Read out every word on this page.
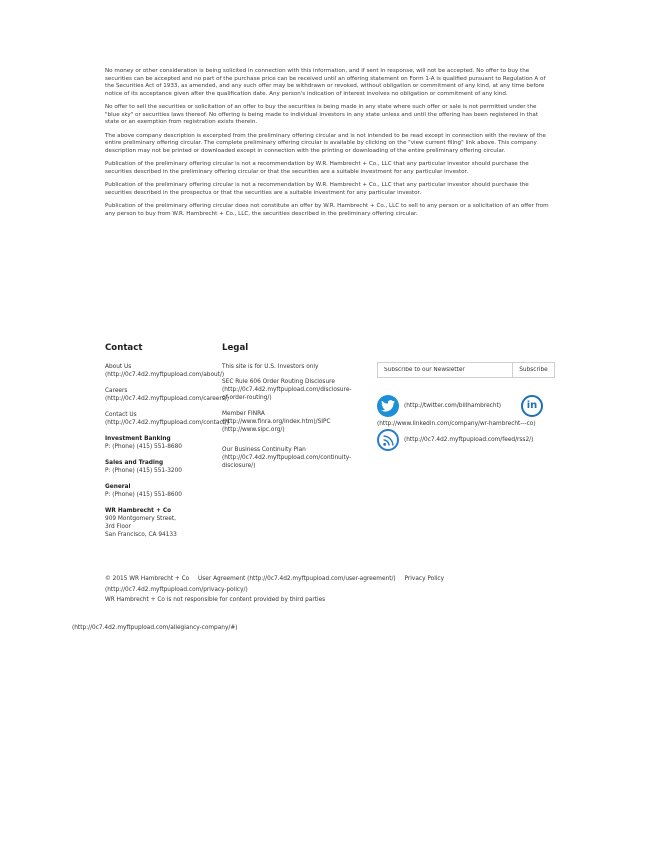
No money or other consideration is being solicited in connection with this information, and if sent in response, will not be accepted. No offer to buy the securities can be accepted and no part of the purchase price can be received until an offering statement on Form 1-A is qualified pursuant to Regulation A of the Securities Act of 1933, as amended, and any such offer may be withdrawn or revoked, without obligation or commitment of any kind, at any time before notice of its acceptance given after the qualification date. Any person's indication of interest involves no obligation or commitment of any kind.

No offer to sell the securities or solicitation of an offer to buy the securities is being made in any state where such offer or sale is not permitted under the "blue sky" or securities laws thereof. No offering is being made to individual investors in any state unless and until the offering has been registered in that state or an exemption from registration exists therein.

The above company description is excerpted from the preliminary offering circular and is not intended to be read except in connection with the review of the entire preliminary offering circular. The complete preliminary offering circular is available by clicking on the "view current filing" link above. This company description may not be printed or downloaded except in connection with the printing or downloading of the entire preliminary offering circular.

Publication of the preliminary offering circular is not a recommendation by W.R. Hambrecht + Co., LLC that any particular investor should purchase the securities described in the preliminary offering circular or that the securities are a suitable investment for any particular investor.

Publication of the preliminary offering circular is not a recommendation by W.R. Hambrecht + Co., LLC that any particular investor should purchase the securities described in the prospectus or that the securities are a suitable investment for any particular investor.

Publication of the preliminary offering circular does not constitute an offer by W.R. Hambrecht + Co., LLC to sell to any person or a solicitation of an offer from any person to buy from W.R. Hambrecht + Co., LLC, the securities described in the preliminary offering circular.

Contact
About Us
(http://0c7.4d2.myftpupload.com/about/)
Careers
(http://0c7.4d2.myftpupload.com/careers/)
Contact Us
(http://0c7.4d2.myftpupload.com/contact/)
Investment Banking
P: (Phone) (415) 551-8680
Sales and Trading
P: (Phone) (415) 551-3200
General
P: (Phone) (415) 551-8600
WR Hambrecht + Co
909 Montgomery Street,
3rd Floor
San Francisco, CA 94133
Legal
This site is for U.S. Investors only
SEC Rule 606 Order Routing Disclosure
(http://0c7.4d2.myftpupload.com/disclosure-
of-order-routing/)
Member FINRA
(http://www.finra.org/index.htm)/SIPC
(http://www.sipc.org/)
Our Business Continuity Plan
(http://0c7.4d2.myftpupload.com/continuity-
disclosure/)
Subscribe to our Newsletter
Subscribe
(http://twitter.com/billhambrecht)	in
(http://www.linkedin.com/company/wr-hambrecht---co)
(http://0c7.4d2.myftpupload.com/feed/rss2/)
© 2015 WR Hambrecht + Co User Agreement (http://0c7.4d2.myftpupload.com/user-agreement/) Privacy Policy
(http://0c7.4d2.myftpupload.com/privacy-policy/)
WR Hambrecht + Co is not responsible for content provided by third parties
(http://0c7.4d2.myftpupload.com/allegiancy-company/#)
